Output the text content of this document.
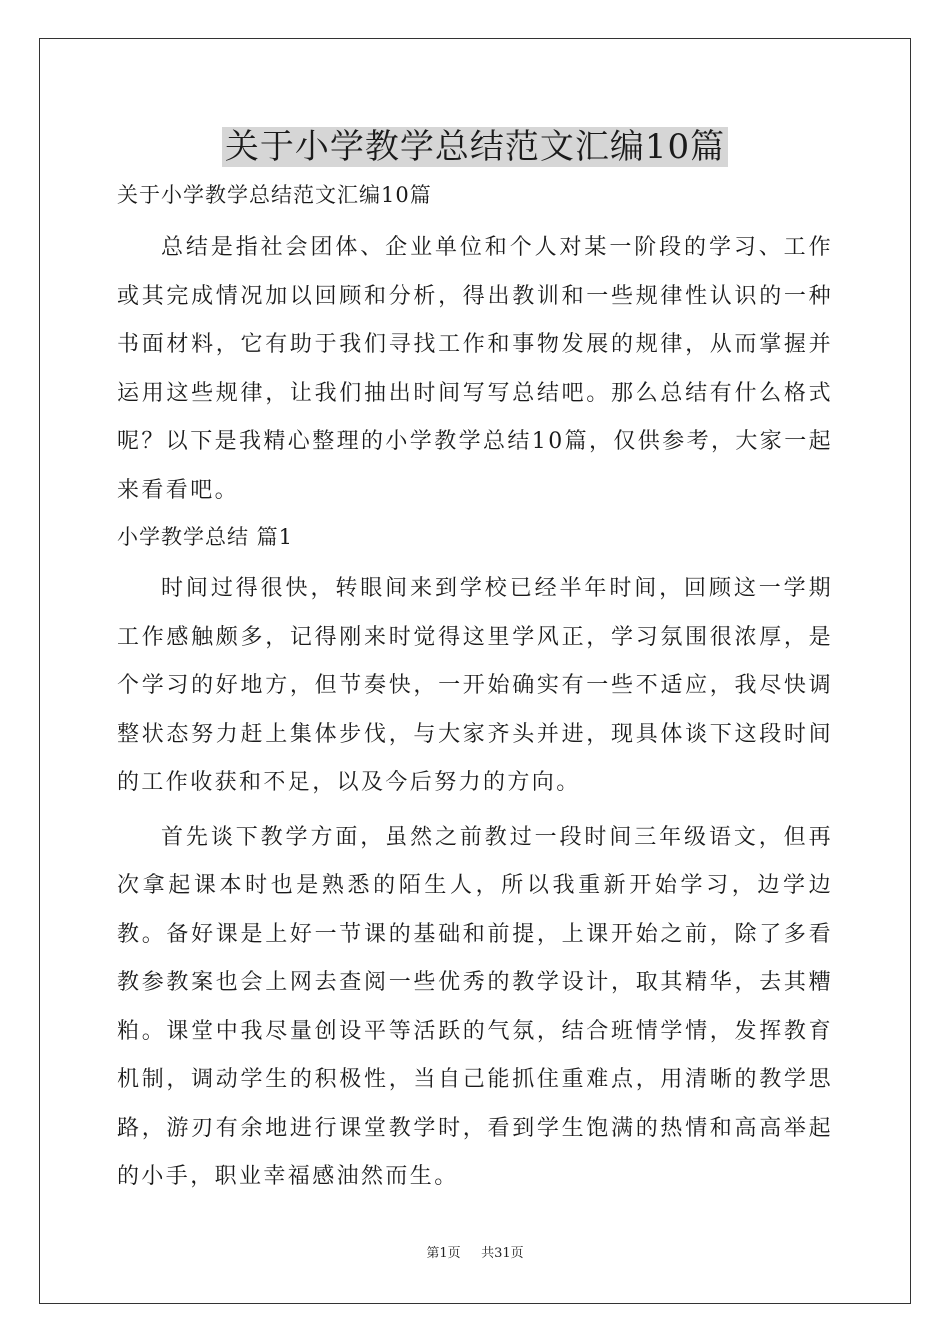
关于小学教学总结范文汇编10篇

关于小学教学总结范文汇编10篇

总结是指社会团体、企业单位和个人对某一阶段的学习、工作或其完成情况加以回顾和分析，得出教训和一些规律性认识的一种书面材料，它有助于我们寻找工作和事物发展的规律，从而掌握并运用这些规律，让我们抽出时间写写总结吧。那么总结有什么格式呢？以下是我精心整理的小学教学总结10篇，仅供参考，大家一起来看看吧。

小学教学总结 篇1

时间过得很快，转眼间来到学校已经半年时间，回顾这一学期工作感触颇多，记得刚来时觉得这里学风正，学习氛围很浓厚，是个学习的好地方，但节奏快，一开始确实有一些不适应，我尽快调整状态努力赶上集体步伐，与大家齐头并进，现具体谈下这段时间的工作收获和不足，以及今后努力的方向。

首先谈下教学方面，虽然之前教过一段时间三年级语文，但再次拿起课本时也是熟悉的陌生人，所以我重新开始学习，边学边教。备好课是上好一节课的基础和前提，上课开始之前，除了多看教参教案也会上网去查阅一些优秀的教学设计，取其精华，去其糟粕。课堂中我尽量创设平等活跃的气氛，结合班情学情，发挥教育机制，调动学生的积极性，当自己能抓住重难点，用清晰的教学思路，游刃有余地进行课堂教学时，看到学生饱满的热情和高高举起的小手，职业幸福感油然而生。

第1页 共31页
